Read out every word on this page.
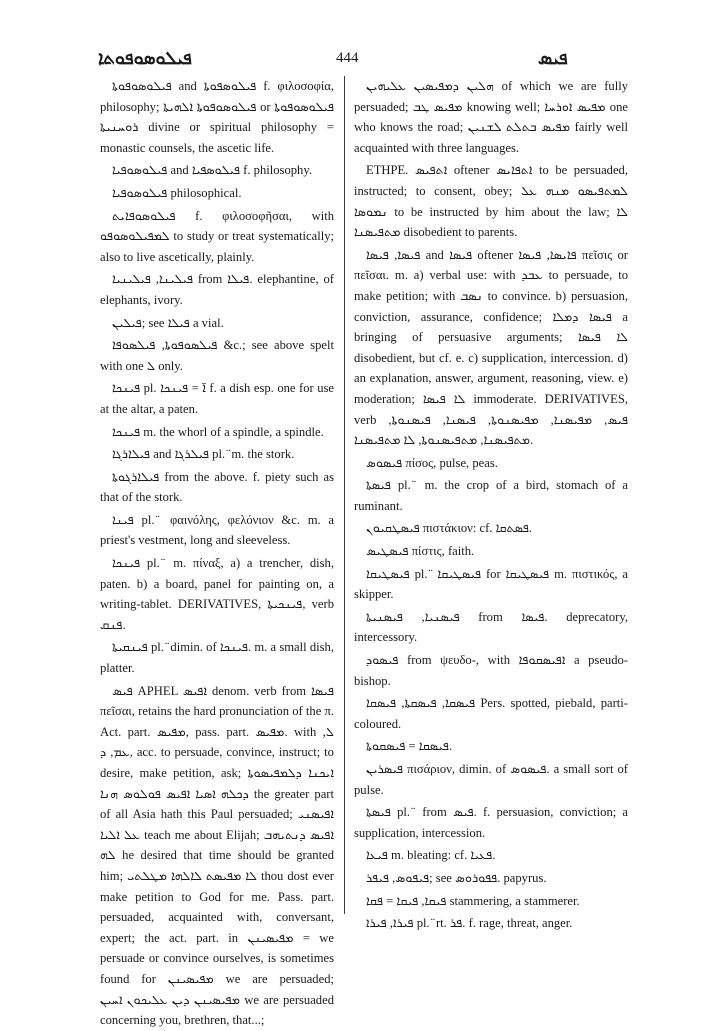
ܦܝܠܘܣܘܦܘܬܐ	444	ܦܝܣ

ܦܝܠܘܣܘܦܘܬܐ and ܦܝܠܘܣܦܘܬܐ f. φιλοσοφία, philosophy; ܦܝܠܘܣܘܦܘܬܐ ܐܠܗܝܬܐ or ܦܝܠܘܣܘܦܘܬܐ ܪܘܚܢܝܬܐ divine or spiritual philosophy = monastic counsels, the ascetic life.

ܦܝܠܘܣܘܦܝܐ and ܦܝܠܘܣܦܝܐ f. philosophy.

ܦܝܠܘܣܘܦܝܐ philosophical.

ܦܝܠܘܣܘܦܐܝܬ f. φιλοσοφῆσαι, with ܠܡܦܝܠܘܣܘܦܘ to study or treat systematically; also to live ascetically, plainly.

ܦܝܠܝܢܐ, ܦܝܠܝܢܝܐ from ܦܝܠܐ. elephantine, of elephants, ivory.

ܦܝܠܝܢ; see ܦܝܠܐ a vial.

ܦܝܠܣܘܦܘܬܐ, ܦܝܠܣܘܦܐ &c.; see above spelt with one ܠ only.

ܦܝܢܟܐ pl. ܐ̈ = ܦܝܢܟܐ f. a dish esp. one for use at the altar, a paten.

ܦܝܢܟܐ m. the whorl of a spindle, a spindle.

ܦܝܠܐܪܓܐ and ܦܝܠܪܓܐ pl. ̈ m. the stork.

ܦܝܠܐܪܓܘܬܐ from the above. f. piety such as that of the stork.

ܦܝܢܐ pl. ̈ φαινόλης, φελόνιον &c. m. a priest's vestment, long and sleeveless.

ܦܝܢܟܐ pl. ̈ m. πίναξ, a) a trencher, dish, paten. b) a board, panel for painting on, a writing-tablet. DERIVATIVES, ܦܝܢܟܝܬܐ, verb ܦܢܩ.

ܦܝܢܩܝܬܐ pl. ̈ dimin. of ܦܝܢܟܐ. m. a small dish, platter.

ܦܝܣ APHEL ܐܦܝܣ denom. verb from ܦܝܣܐ πεῖσαι, retains the hard pronunciation of the π. Act. part. ܡܦܝܣ, pass. part. ܡܦܝܣ. with ܠ, ܥܡ, ܕ, acc. to persuade, convince, instruct; to desire, make petition, ask; ܐܝܟܢܐ ܕܠܡܦܝܣܘܬܐ ܕܟܠܗ ܐܣܝܐ ܐܦܝܣ ܦܘܠܘܣ ܗܢܐ the greater part of all Asia hath this Paul persuaded; ܐܦܝܣܢܝ ܥܠ ܐܠܝܐ teach me about Elijah; ܐܦܝܣ ܕܢܬܝܗܒ ܠܗ he desired that time should be granted him; ܠܐ ܡܦܝܣܬ ܠܐܠܗܐ ܡܛܠܬܝ thou dost ever make petition to God for me. Pass. part. persuaded, acquainted with, conversant, expert; the act. part. in ܡܦܝܣܝܢܢ = we persuade or convince ourselves, is sometimes found for ܡܦܝܣܝܢܢ we are persuaded; ܡܦܝܣܝܢܢ ܕܝܢ ܥܠܝܟܘܢ ܐܚܝܢ we are persuaded concerning you, brethren, that...;

ܗܠܝܢ ܕܡܦܝܣܝܢ ܥܠܝܗܝܢ of which we are fully persuaded; ܡܦܝܣ ܛܒ knowing well; ܡܦܝܣ ܐܘܪܚܐ one who knows the road; ܡܦܝܣ ܒܬܠܬ ܠܫܢܝܢ fairly well acquainted with three languages.

ETHPE. ܐܬܦܝܣ oftener ܐܬܦܐܝܣ to be persuaded, instructed; to consent, obey; ܠܡܬܦܝܣܘ ܡܢܗ ܥܠ ܢܡܘܣܐ to be instructed by him about the law; ܠܐ ܡܬܦܝܣܢܐ disobedient to parents.

ܦܝܣܐ, ܦܝܣܐ and ܦܝܣܐ oftener ܦܐܝܣܐ, ܦܝܣܐ πεῖσις or πεῖσαι. m. a) verbal use: with ܥܒܕ to persuade, to make petition; with ܢܣܒ to convince. b) persuasion, conviction, assurance, confidence; ܦܝܣܐ ܕܡܠܐ a bringing of persuasive arguments; ܠܐ ܦܝܣܐ disobedient, but cf. e. c) supplication, intercession. d) an explanation, answer, argument, reasoning, view. e) moderation; ܠܐ ܦܝܣܐ immoderate. DERIVATIVES, verb ܦܝܣ, ܡܦܝܣܢܐ, ܡܦܝܣܢܘܬܐ, ܦܝܣܢܐ, ܦܝܣܢܘܬܐ, ܡܬܦܝܣܢܐ, ܡܬܦܝܣܢܘܬܐ, ܠܐ ܡܬܦܝܣܢܐ.

ܦܝܣܘܣ πίσος, pulse, peas.

ܦܝܣܬܐ pl. ̈ m. the crop of a bird, stomach of a ruminant.

ܦܝܣܛܩܝܘܢ πιστάκιον: cf. ܦܣܬܩܐ.

ܦܝܣܛܝܣ πίστις, faith.

ܦܝܣܛܝܩܐ pl. ̈ ܦܝܣܛܝܩܐ for ܦܝܣܛܝܩܐ m. πιστικός, a skipper.

ܦܝܣܢܝܐ, ܦܝܣܢܝܬܐ from ܦܝܣܐ. deprecatory, intercessory.

ܦܝܣܘܕ from ψευδο-, with ܐܦܝܣܩܘܦܐ a pseudo-bishop.

ܦܝܣܩܐ, ܦܝܣܩܬܐ, ܦܝܣܩܐ Pers. spotted, piebald, parti-coloured.

ܦܝܣܩܐ = ܦܝܣܩܘܬܐ.

ܦܝܣܪܝܢ πισάριον, dimin. of ܦܝܣܘܣ. a small sort of pulse.

ܦܝܣܬܐ pl. ̈ from ܦܝܣ. f. persuasion, conviction; a supplication, intercession.

ܦܝܥܐ m. bleating: cf. ܦܥܝܐ.

ܦܝܦܘܣ, ܦܝܦܪ; see ܦܦܘܪܘܣ. papyrus.

ܦܝܩܐ, ܦܝܩܐ = ܦܩܐ stammering, a stammerer.

ܦܝܪܐ, ܦܝܪܐ pl. ̈ rt. ܦܪ. f. rage, threat, anger.
